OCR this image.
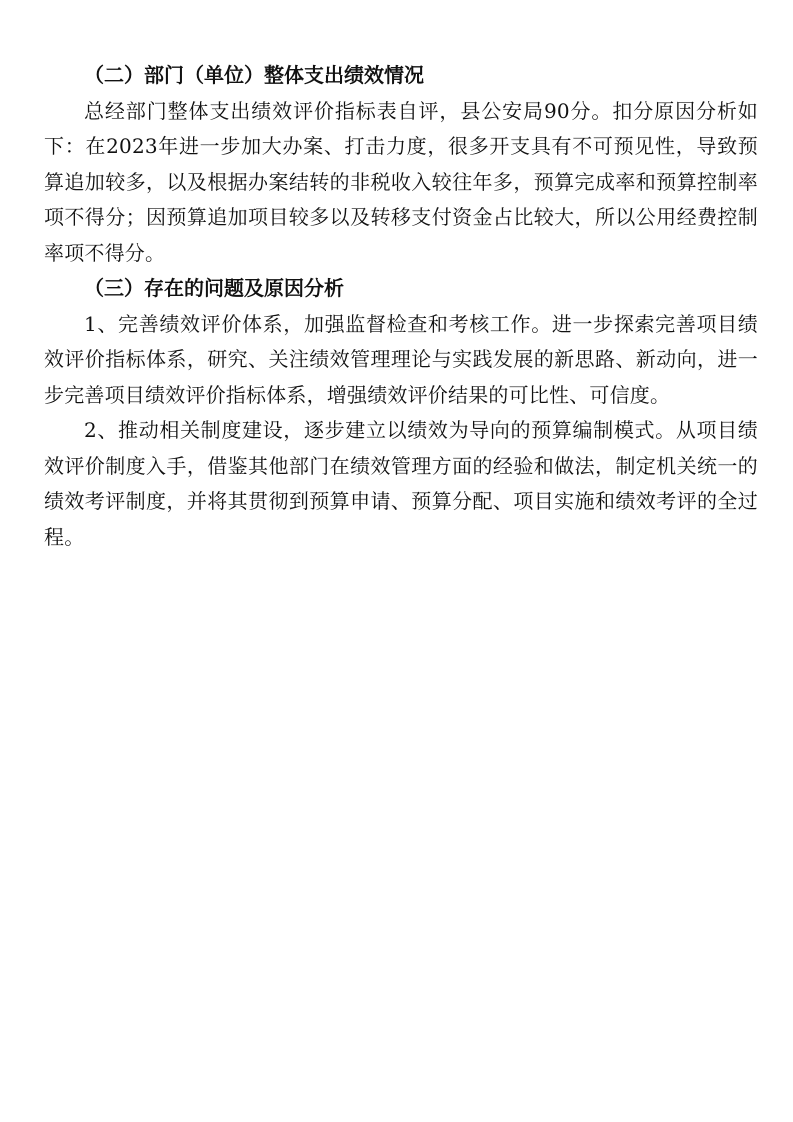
（二）部门（单位）整体支出绩效情况

总经部门整体支出绩效评价指标表自评，县公安局90分。扣分原因分析如下：在2023年进一步加大办案、打击力度，很多开支具有不可预见性，导致预算追加较多，以及根据办案结转的非税收入较往年多，预算完成率和预算控制率项不得分；因预算追加项目较多以及转移支付资金占比较大，所以公用经费控制率项不得分。

（三）存在的问题及原因分析

1、完善绩效评价体系，加强监督检查和考核工作。进一步探索完善项目绩效评价指标体系，研究、关注绩效管理理论与实践发展的新思路、新动向，进一步完善项目绩效评价指标体系，增强绩效评价结果的可比性、可信度。

2、推动相关制度建设，逐步建立以绩效为导向的预算编制模式。从项目绩效评价制度入手，借鉴其他部门在绩效管理方面的经验和做法，制定机关统一的绩效考评制度，并将其贯彻到预算申请、预算分配、项目实施和绩效考评的全过程。
